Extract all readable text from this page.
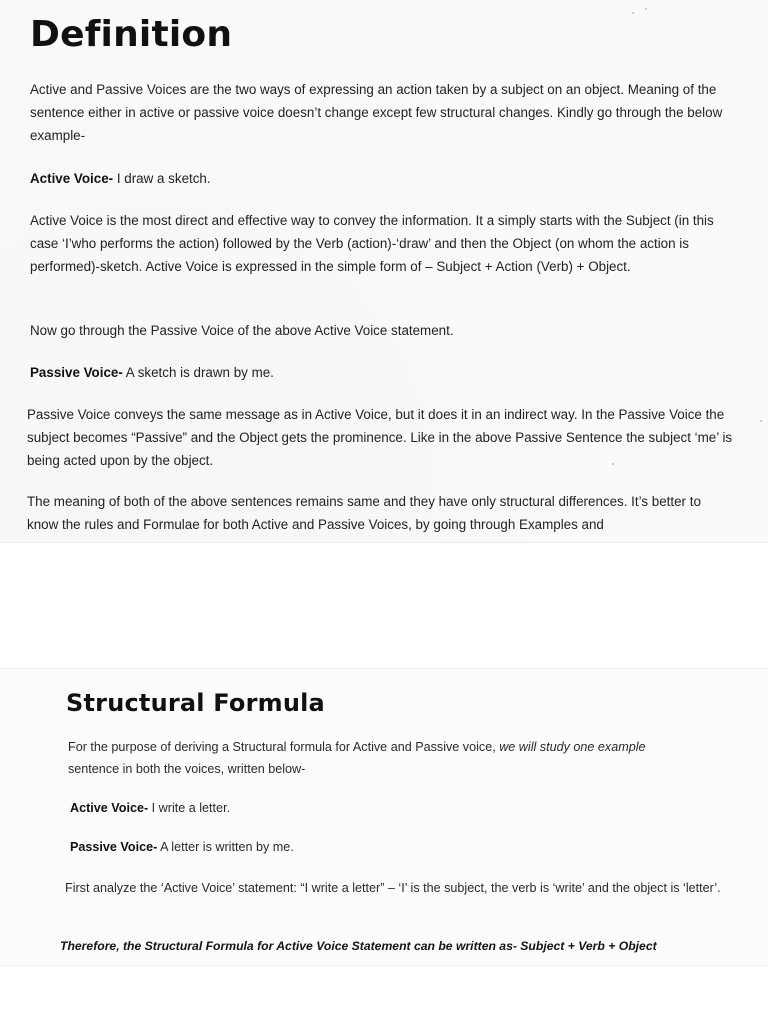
Definition

Active and Passive Voices are the two ways of expressing an action taken by a subject on an object. Meaning of the sentence either in active or passive voice doesn’t change except few structural changes. Kindly go through the below example-

Active Voice- I draw a sketch.

Active Voice is the most direct and effective way to convey the information. It a simply starts with the Subject (in this case ‘I’who performs the action) followed by the Verb (action)-‘draw’ and then the Object (on whom the action is performed)-sketch. Active Voice is expressed in the simple form of – Subject + Action (Verb) + Object.

Now go through the Passive Voice of the above Active Voice statement.

Passive Voice- A sketch is drawn by me.

Passive Voice conveys the same message as in Active Voice, but it does it in an indirect way. In the Passive Voice the subject becomes “Passive” and the Object gets the prominence. Like in the above Passive Sentence the subject ‘me’ is being acted upon by the object.

The meaning of both of the above sentences remains same and they have only structural differences. It’s better to know the rules and Formulae for both Active and Passive Voices, by going through Examples and

Structural Formula

For the purpose of deriving a Structural formula for Active and Passive voice, we will study one example
sentence in both the voices, written below-

Active Voice- I write a letter.

Passive Voice- A letter is written by me.

First analyze the ‘Active Voice’ statement: “I write a letter” – ‘I’ is the subject, the verb is ‘write’ and the object is ‘letter’.

Therefore, the Structural Formula for Active Voice Statement can be written as- Subject + Verb + Object
